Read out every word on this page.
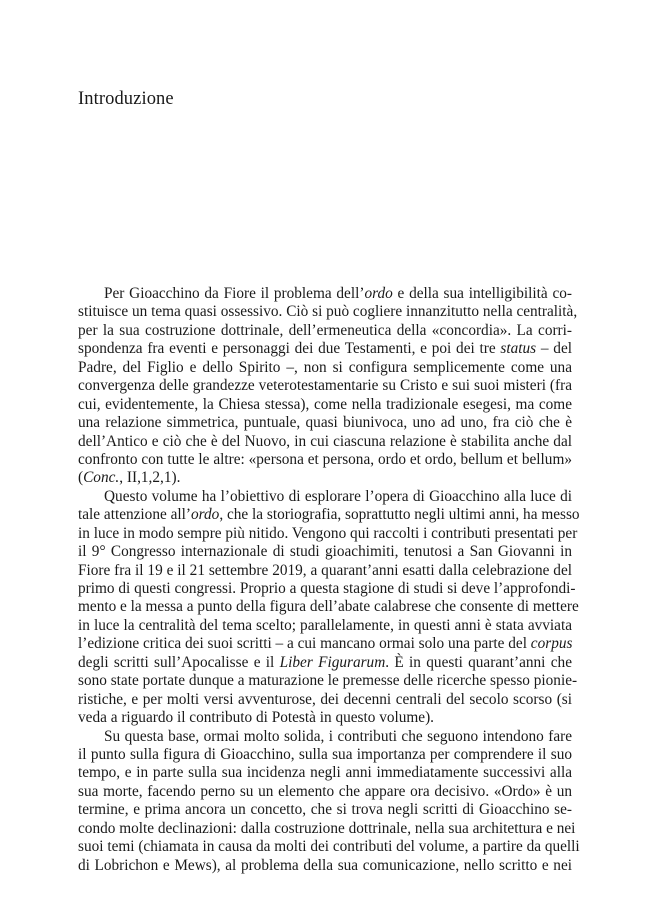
Introduzione
Per Gioacchino da Fiore il problema dell’ordo e della sua intelligibilità co-
stituisce un tema quasi ossessivo. Ciò si può cogliere innanzitutto nella centralità,
per la sua costruzione dottrinale, dell’ermeneutica della «concordia». La corri-
spondenza fra eventi e personaggi dei due Testamenti, e poi dei tre status – del
Padre, del Figlio e dello Spirito –, non si configura semplicemente come una
convergenza delle grandezze veterotestamentarie su Cristo e sui suoi misteri (fra
cui, evidentemente, la Chiesa stessa), come nella tradizionale esegesi, ma come
una relazione simmetrica, puntuale, quasi biunivoca, uno ad uno, fra ciò che è
dell’Antico e ciò che è del Nuovo, in cui ciascuna relazione è stabilita anche dal
confronto con tutte le altre: «persona et persona, ordo et ordo, bellum et bellum»
(Conc., II,1,2,1).
Questo volume ha l’obiettivo di esplorare l’opera di Gioacchino alla luce di
tale attenzione all’ordo, che la storiografia, soprattutto negli ultimi anni, ha messo
in luce in modo sempre più nitido. Vengono qui raccolti i contributi presentati per
il 9° Congresso internazionale di studi gioachimiti, tenutosi a San Giovanni in
Fiore fra il 19 e il 21 settembre 2019, a quarant’anni esatti dalla celebrazione del
primo di questi congressi. Proprio a questa stagione di studi si deve l’approfondi-
mento e la messa a punto della figura dell’abate calabrese che consente di mettere
in luce la centralità del tema scelto; parallelamente, in questi anni è stata avviata
l’edizione critica dei suoi scritti – a cui mancano ormai solo una parte del corpus
degli scritti sull’Apocalisse e il Liber Figurarum. È in questi quarant’anni che
sono state portate dunque a maturazione le premesse delle ricerche spesso pionie-
ristiche, e per molti versi avventurose, dei decenni centrali del secolo scorso (si
veda a riguardo il contributo di Potestà in questo volume).
Su questa base, ormai molto solida, i contributi che seguono intendono fare
il punto sulla figura di Gioacchino, sulla sua importanza per comprendere il suo
tempo, e in parte sulla sua incidenza negli anni immediatamente successivi alla
sua morte, facendo perno su un elemento che appare ora decisivo. «Ordo» è un
termine, e prima ancora un concetto, che si trova negli scritti di Gioacchino se-
condo molte declinazioni: dalla costruzione dottrinale, nella sua architettura e nei
suoi temi (chiamata in causa da molti dei contributi del volume, a partire da quelli
di Lobrichon e Mews), al problema della sua comunicazione, nello scritto e nei
